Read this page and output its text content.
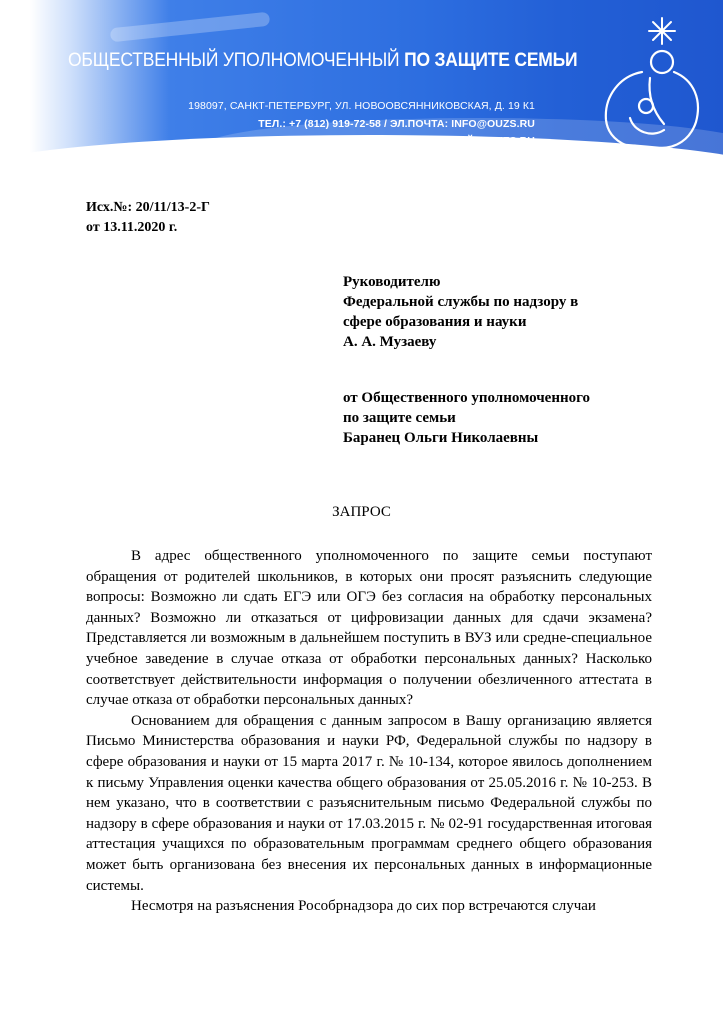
ОБЩЕСТВЕННЫЙ УПОЛНОМОЧЕННЫЙ ПО ЗАЩИТЕ СЕМЬИ
198097, САНКТ-ПЕТЕРБУРГ, УЛ. НОВООВСЯННИКОВСКАЯ, Д. 19 К1
ТЕЛ.: +7 (812) 919-72-58 / ЭЛ.ПОЧТА: INFO@OUZS.RU
САЙТ: OUZS.RU
Исх.№: 20/11/13-2-Г
от 13.11.2020 г.
Руководителю
Федеральной службы по надзору в
сфере образования и науки
А. А. Музаеву
от Общественного уполномоченного
по защите семьи
Баранец Ольги Николаевны
ЗАПРОС

В адрес общественного уполномоченного по защите семьи поступают обращения от родителей школьников, в которых они просят разъяснить следующие вопросы: Возможно ли сдать ЕГЭ или ОГЭ без согласия на обработку персональных данных? Возможно ли отказаться от цифровизации данных для сдачи экзамена? Представляется ли возможным в дальнейшем поступить в ВУЗ или средне-специальное учебное заведение в случае отказа от обработки персональных данных? Насколько соответствует действительности информация о получении обезличенного аттестата в случае отказа от обработки персональных данных?

Основанием для обращения с данным запросом в Вашу организацию является Письмо Министерства образования и науки РФ, Федеральной службы по надзору в сфере образования и науки от 15 марта 2017 г. № 10-134, которое явилось дополнением к письму Управления оценки качества общего образования от 25.05.2016 г. № 10-253. В нем указано, что в соответствии с разъяснительным письмо Федеральной службы по надзору в сфере образования и науки от 17.03.2015 г. № 02-91 государственная итоговая аттестация учащихся по образовательным программам среднего общего образования может быть организована без внесения их персональных данных в информационные системы.

Несмотря на разъяснения Рособрнадзора до сих пор встречаются случаи
